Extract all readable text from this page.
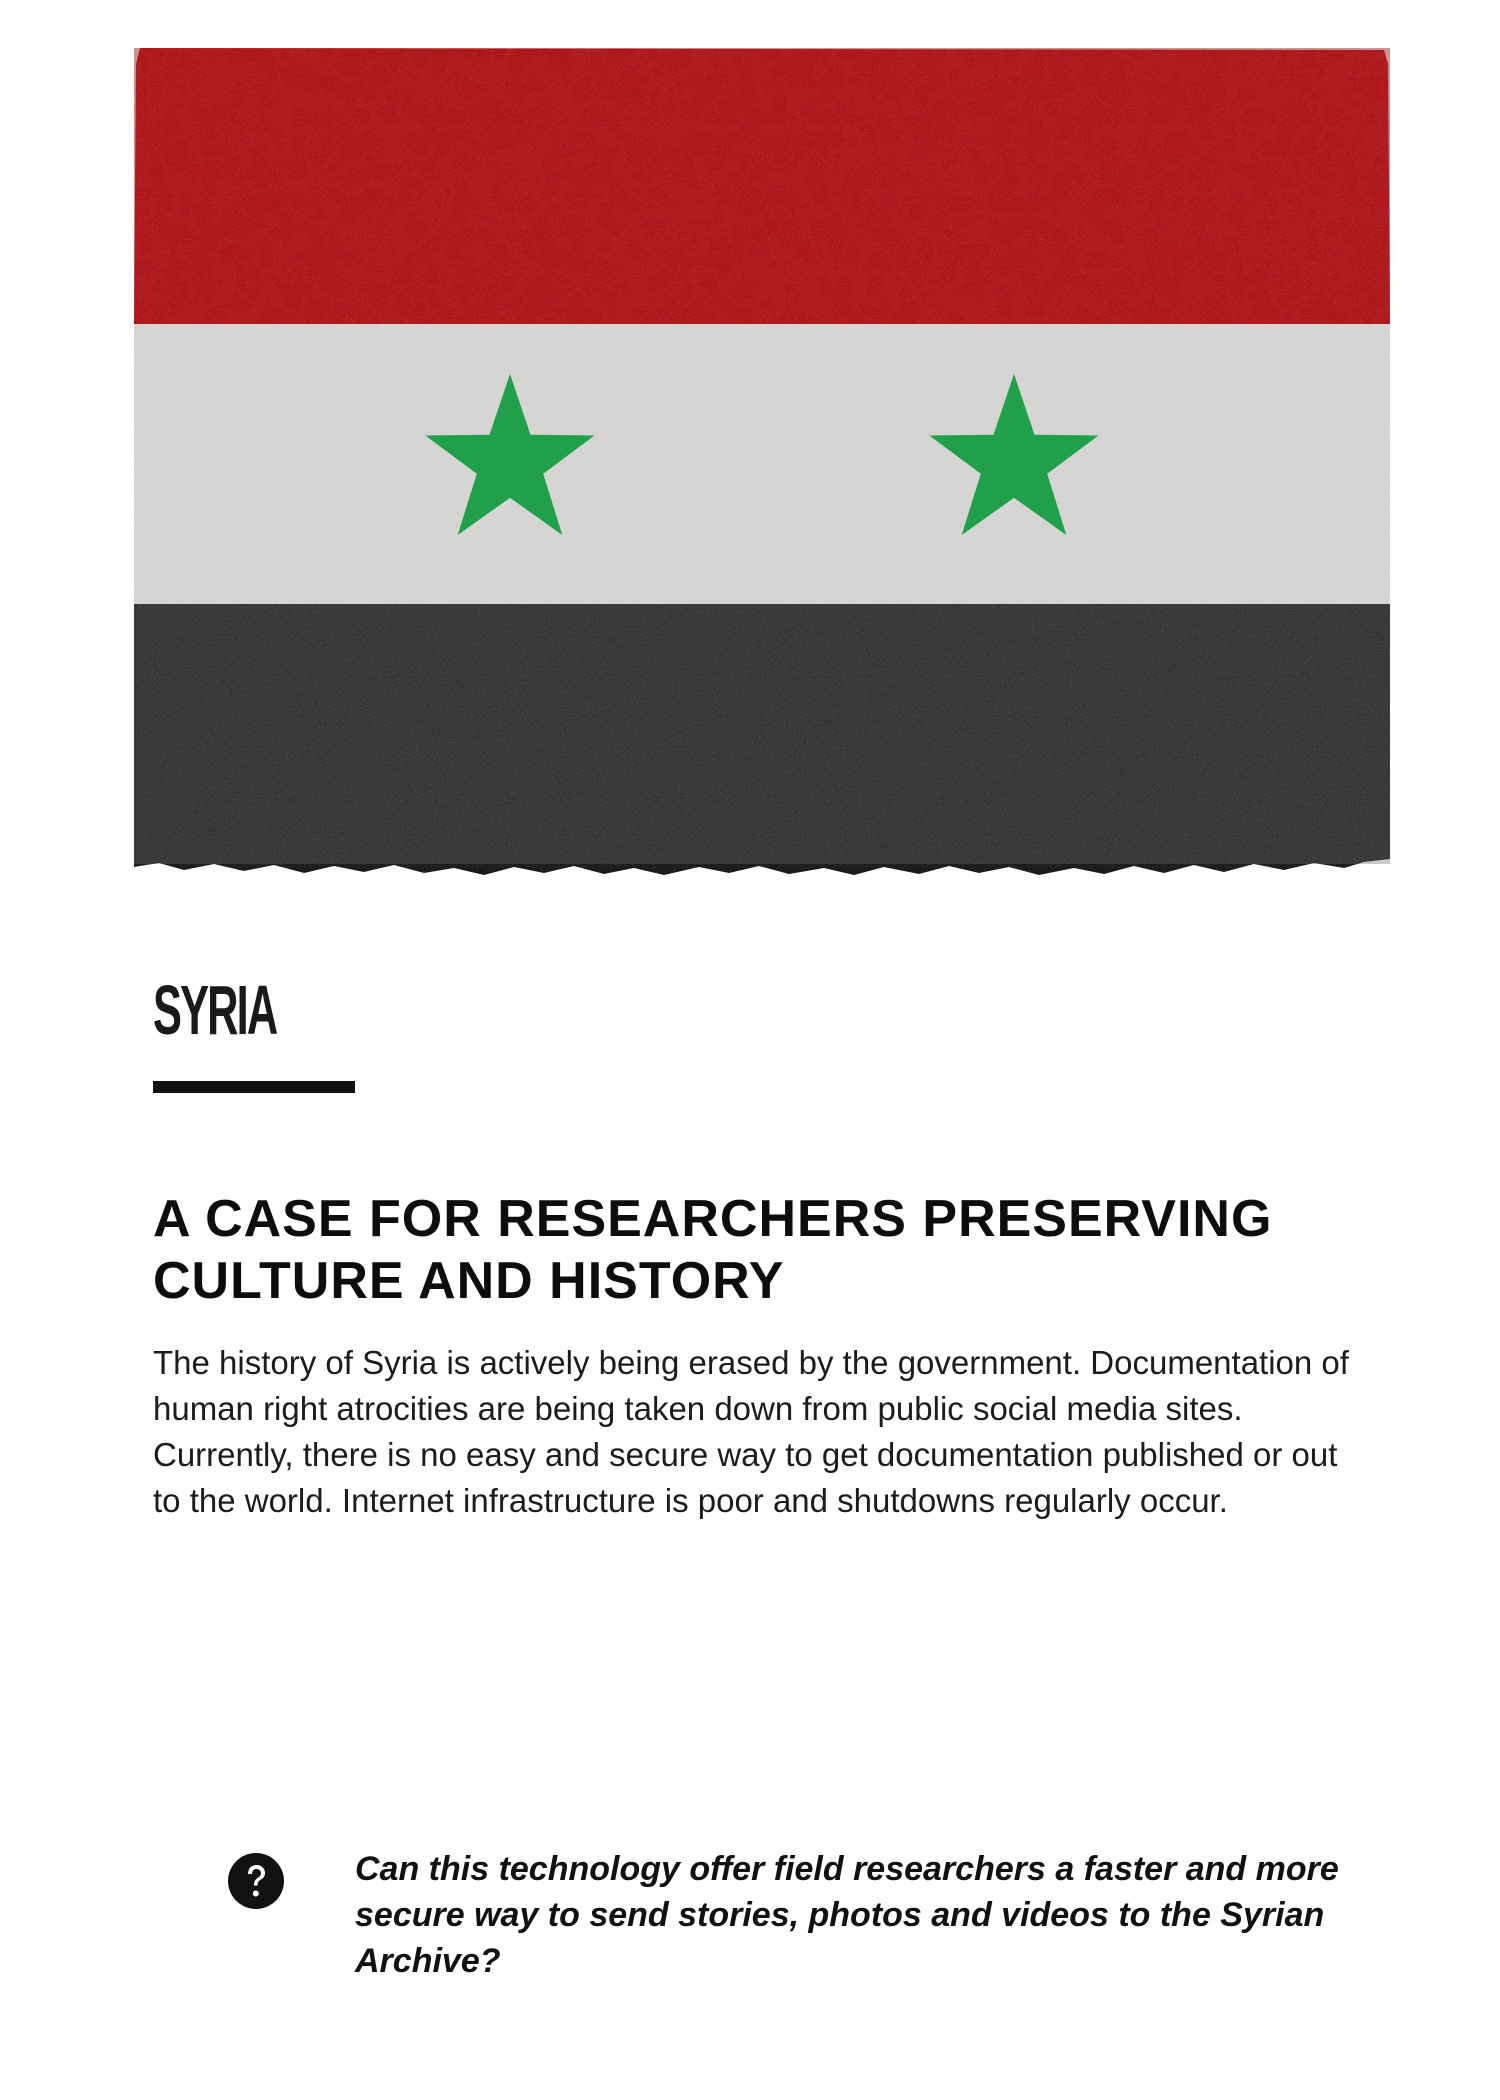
SYRIA
A CASE FOR RESEARCHERS PRESERVING CULTURE AND HISTORY

The history of Syria is actively being erased by the government. Documentation of human right atrocities are being taken down from public social media sites. Currently, there is no easy and secure way to get documentation published or out to the world. Internet infrastructure is poor and shutdowns regularly occur.

Can this technology offer field researchers a faster and more secure way to send stories, photos and videos to the Syrian Archive?
